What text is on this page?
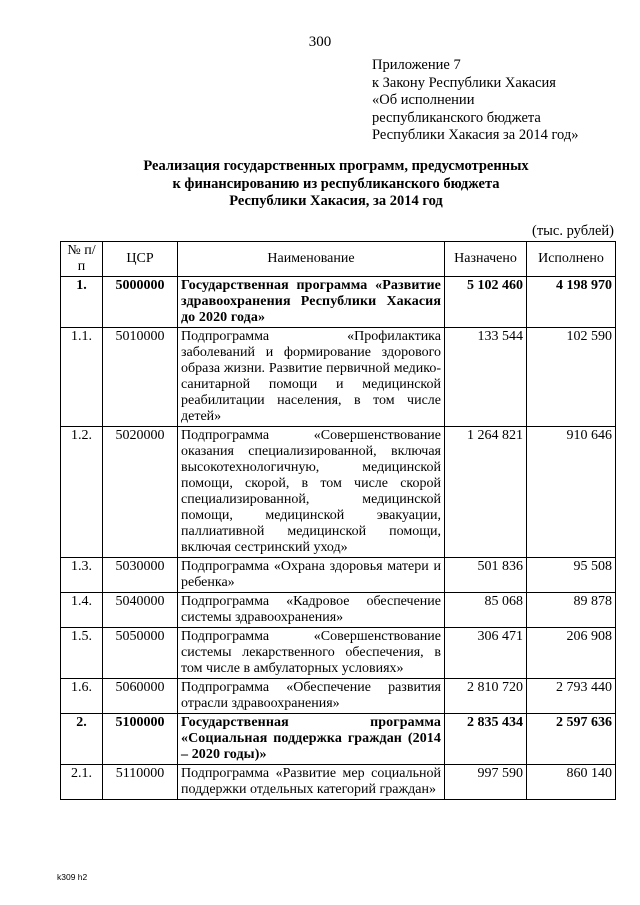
300
Приложение 7
к Закону Республики Хакасия
«Об исполнении
республиканского бюджета
Республики Хакасия за 2014 год»
Реализация государственных программ, предусмотренных
к финансированию из республиканского бюджета
Республики Хакасия, за 2014 год
(тыс. рублей)
№ п/п	ЦСР	Наименование	Назначено	Исполнено
1.	5000000	Государственная программа «Развитие здравоохранения Республики Хакасия до 2020 года»	5 102 460	4 198 970
1.1.	5010000	Подпрограмма «Профилактика заболеваний и формирование здорового образа жизни. Развитие первичной медико-санитарной помощи и медицинской реабилитации населения, в том числе детей»	133 544	102 590
1.2.	5020000	Подпрограмма «Совершенствование оказания специализированной, включая высокотехнологичную, медицинской помощи, скорой, в том числе скорой специализированной, медицинской помощи, медицинской эвакуации, паллиативной медицинской помощи, включая сестринский уход»	1 264 821	910 646
1.3.	5030000	Подпрограмма «Охрана здоровья матери и ребенка»	501 836	95 508
1.4.	5040000	Подпрограмма «Кадровое обеспечение системы здравоохранения»	85 068	89 878
1.5.	5050000	Подпрограмма «Совершенствование системы лекарственного обеспечения, в том числе в амбулаторных условиях»	306 471	206 908
1.6.	5060000	Подпрограмма «Обеспечение развития отрасли здравоохранения»	2 810 720	2 793 440
2.	5100000	Государственная программа «Социальная поддержка граждан (2014 – 2020 годы)»	2 835 434	2 597 636
2.1.	5110000	Подпрограмма «Развитие мер социальной поддержки отдельных категорий граждан»	997 590	860 140
k309 h2
